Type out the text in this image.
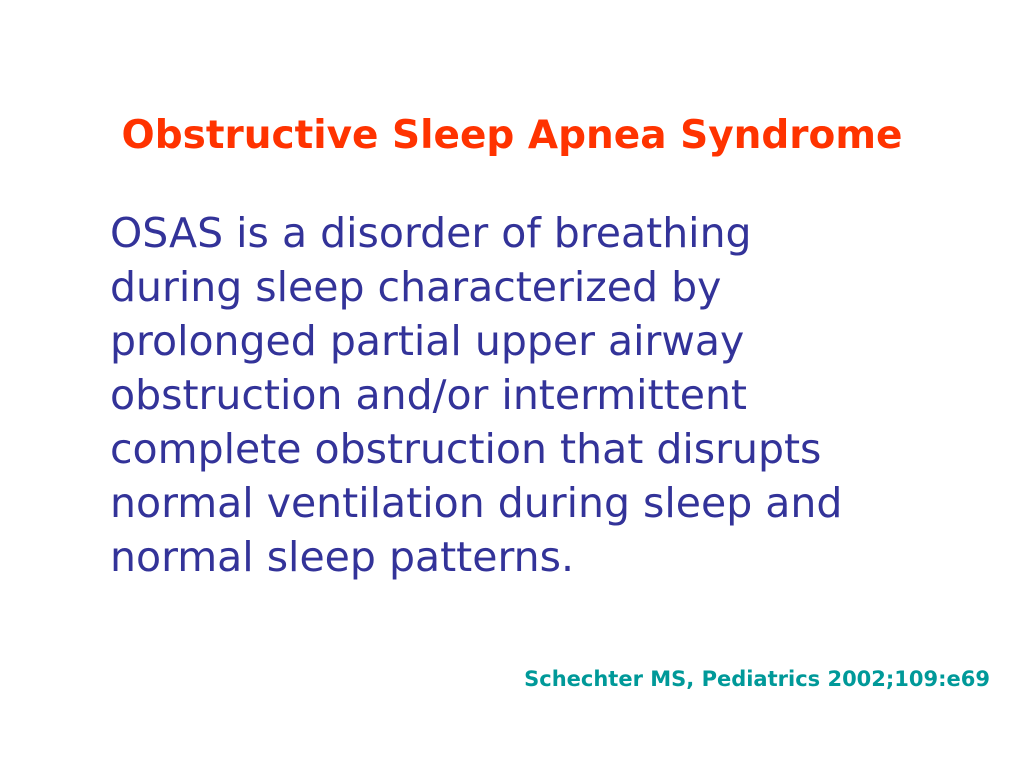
Obstructive Sleep Apnea Syndrome
OSAS is a disorder of breathing
during sleep characterized by
prolonged partial upper airway
obstruction and/or intermittent
complete obstruction that disrupts
normal ventilation during sleep and
normal sleep patterns.

Schechter MS, Pediatrics 2002;109:e69
